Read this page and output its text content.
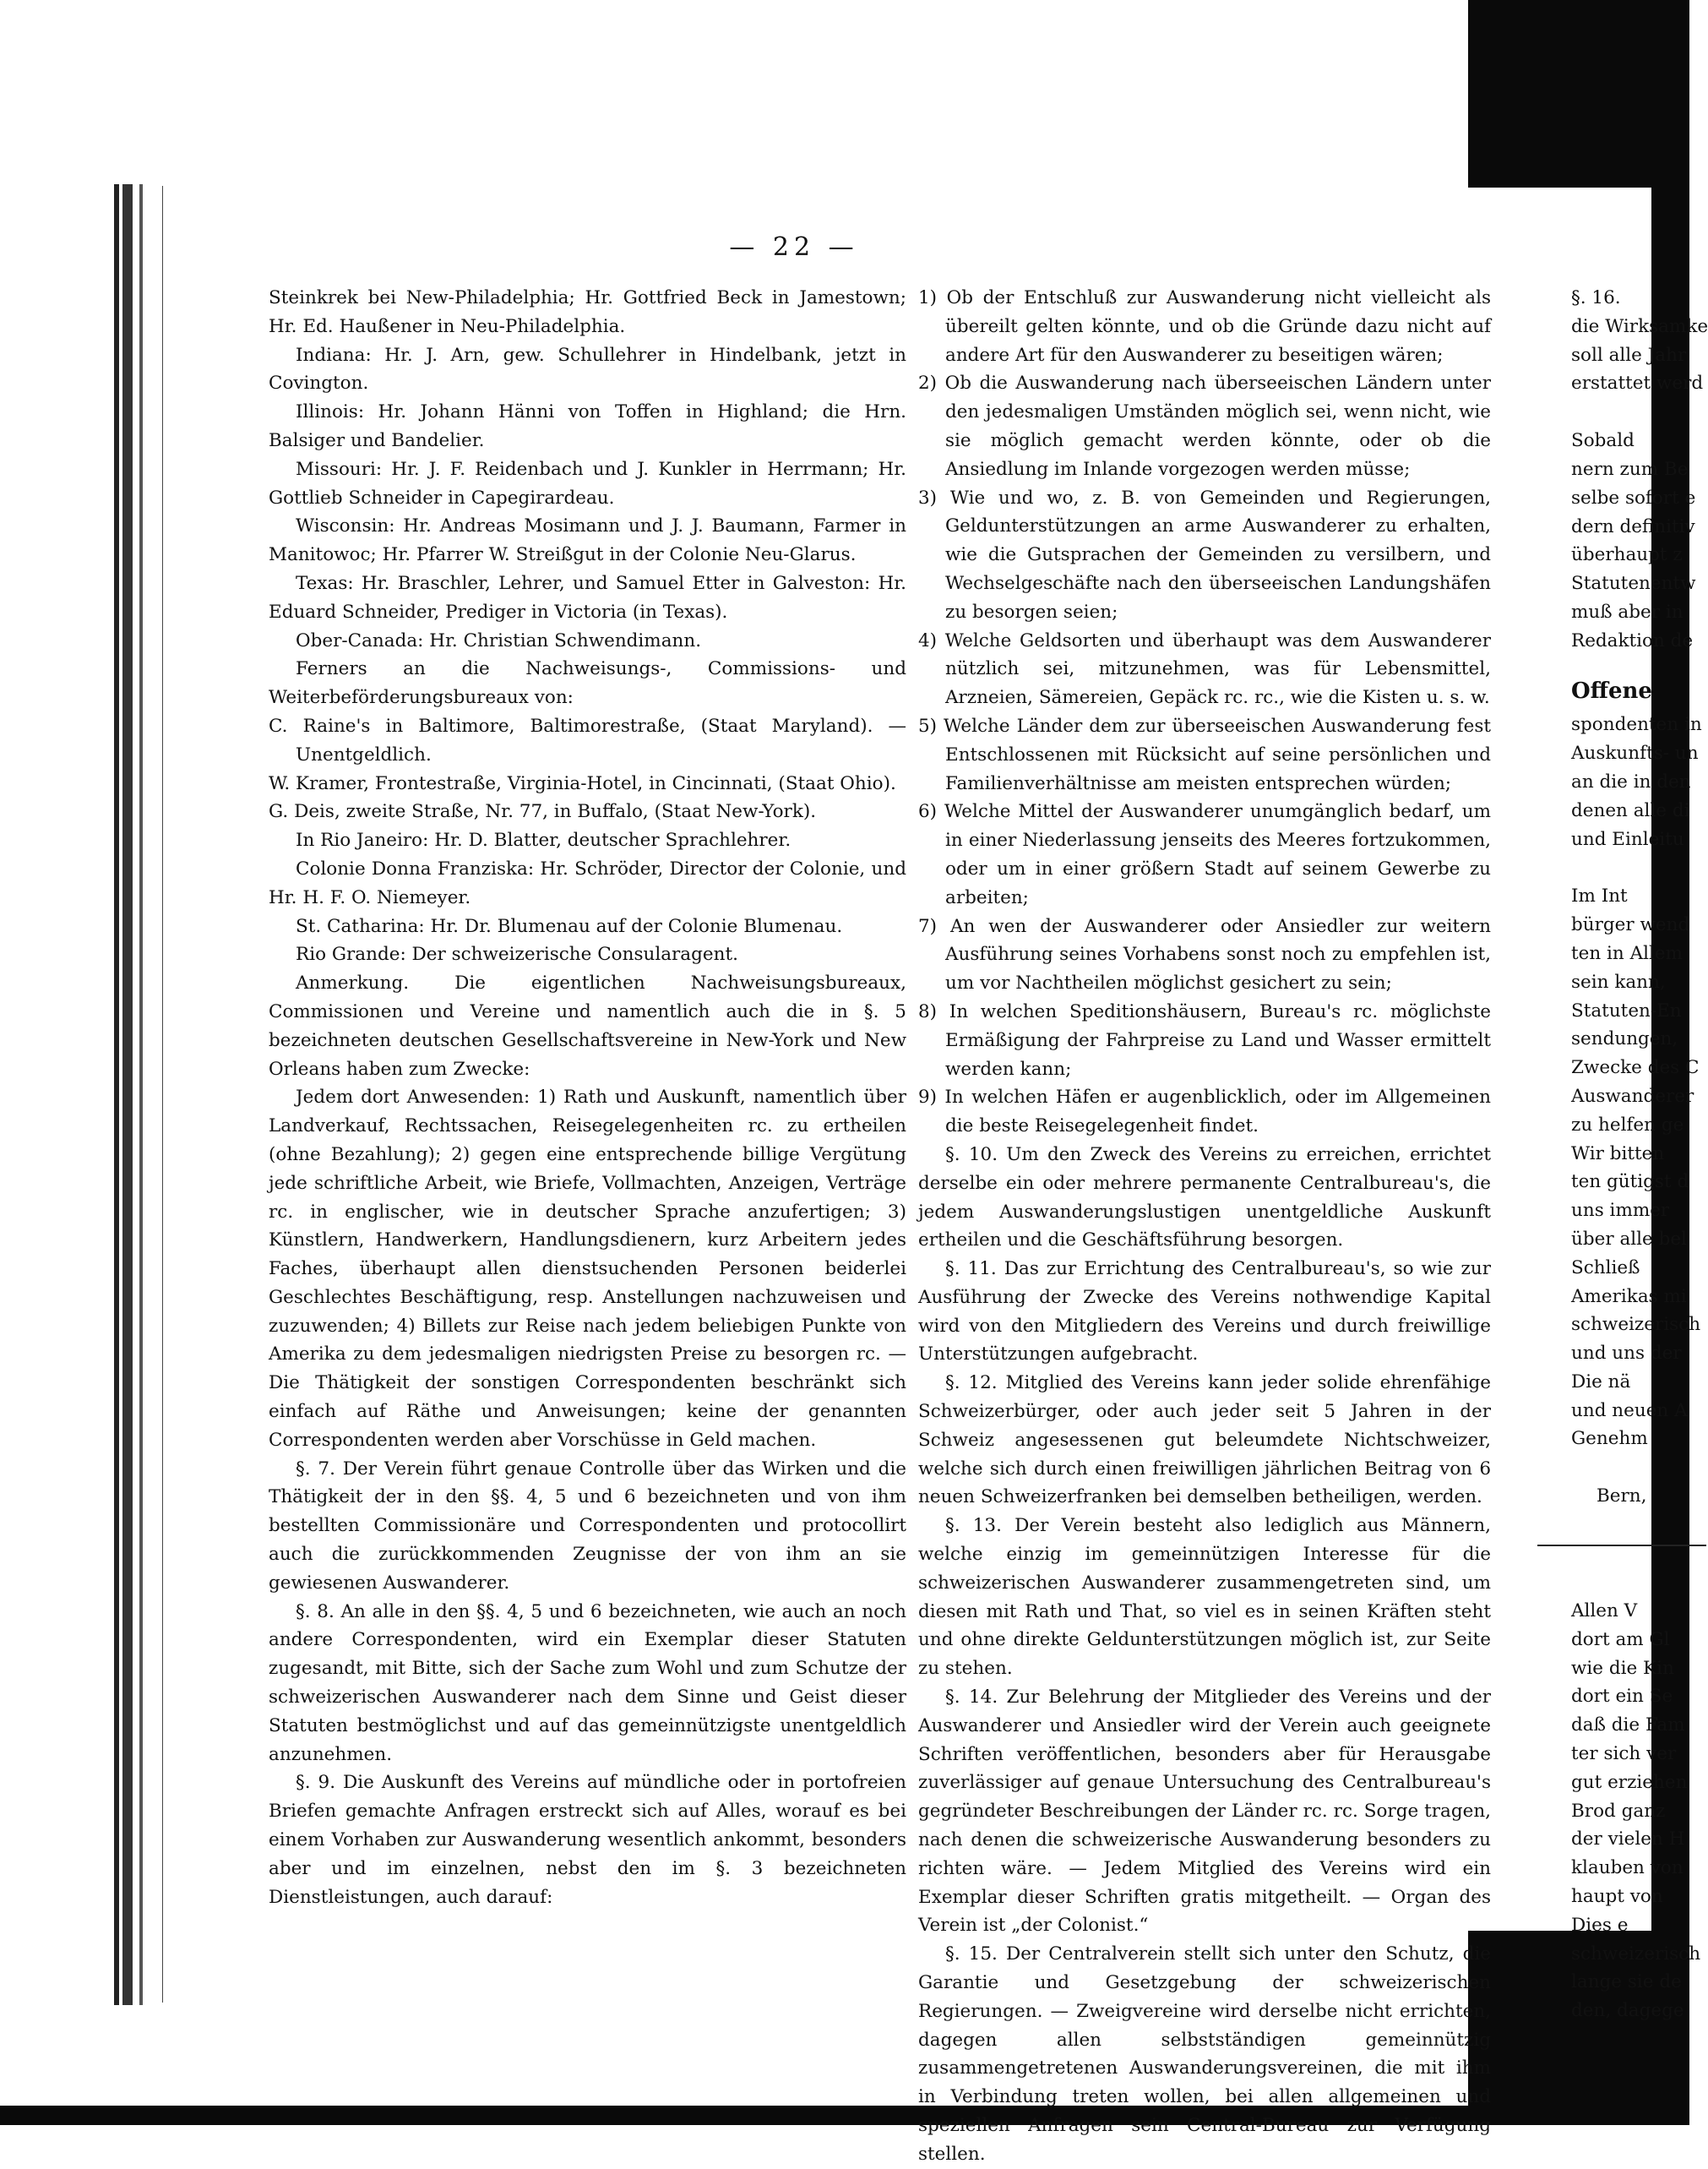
— 22 —

Steinkrek bei New-Philadelphia; Hr. Gottfried Beck in Jamestown; Hr. Ed. Haußener in Neu-Philadelphia.

Indiana: Hr. J. Arn, gew. Schullehrer in Hindelbank, jetzt in Covington.

Illinois: Hr. Johann Hänni von Toffen in Highland; die Hrn. Balsiger und Bandelier.

Missouri: Hr. J. F. Reidenbach und J. Kunkler in Herrmann; Hr. Gottlieb Schneider in Capegirardeau.

Wisconsin: Hr. Andreas Mosimann und J. J. Baumann, Farmer in Manitowoc; Hr. Pfarrer W. Streißgut in der Colonie Neu-Glarus.

Texas: Hr. Braschler, Lehrer, und Samuel Etter in Galveston: Hr. Eduard Schneider, Prediger in Victoria (in Texas).

Ober-Canada: Hr. Christian Schwendimann.

Ferners an die Nachweisungs-, Commissions- und Weiterbeförderungsbureaux von:

C. Raine's in Baltimore, Baltimorestraße, (Staat Maryland). — Unentgeldlich.

W. Kramer, Frontestraße, Virginia-Hotel, in Cincinnati, (Staat Ohio).

G. Deis, zweite Straße, Nr. 77, in Buffalo, (Staat New-York).

In Rio Janeiro: Hr. D. Blatter, deutscher Sprachlehrer.

Colonie Donna Franziska: Hr. Schröder, Director der Colonie, und Hr. H. F. O. Niemeyer.

St. Catharina: Hr. Dr. Blumenau auf der Colonie Blumenau.

Rio Grande: Der schweizerische Consularagent.

Anmerkung. Die eigentlichen Nachweisungsbureaux, Commissionen und Vereine und namentlich auch die in §. 5 bezeichneten deutschen Gesellschaftsvereine in New-York und New Orleans haben zum Zwecke:

Jedem dort Anwesenden: 1) Rath und Auskunft, namentlich über Landverkauf, Rechtssachen, Reisegelegenheiten rc. zu ertheilen (ohne Bezahlung); 2) gegen eine entsprechende billige Vergütung jede schriftliche Arbeit, wie Briefe, Vollmachten, Anzeigen, Verträge rc. in englischer, wie in deutscher Sprache anzufertigen; 3) Künstlern, Handwerkern, Handlungsdienern, kurz Arbeitern jedes Faches, überhaupt allen dienstsuchenden Personen beiderlei Geschlechtes Beschäftigung, resp. Anstellungen nachzuweisen und zuzuwenden; 4) Billets zur Reise nach jedem beliebigen Punkte von Amerika zu dem jedesmaligen niedrigsten Preise zu besorgen rc. — Die Thätigkeit der sonstigen Correspondenten beschränkt sich einfach auf Räthe und Anweisungen; keine der genannten Correspondenten werden aber Vorschüsse in Geld machen.

§. 7. Der Verein führt genaue Controlle über das Wirken und die Thätigkeit der in den §§. 4, 5 und 6 bezeichneten und von ihm bestellten Commissionäre und Correspondenten und protocollirt auch die zurückkommenden Zeugnisse der von ihm an sie gewiesenen Auswanderer.

§. 8. An alle in den §§. 4, 5 und 6 bezeichneten, wie auch an noch andere Correspondenten, wird ein Exemplar dieser Statuten zugesandt, mit Bitte, sich der Sache zum Wohl und zum Schutze der schweizerischen Auswanderer nach dem Sinne und Geist dieser Statuten bestmöglichst und auf das gemeinnützigste unentgeldlich anzunehmen.

§. 9. Die Auskunft des Vereins auf mündliche oder in portofreien Briefen gemachte Anfragen erstreckt sich auf Alles, worauf es bei einem Vorhaben zur Auswanderung wesentlich ankommt, besonders aber und im einzelnen, nebst den im §. 3 bezeichneten Dienstleistungen, auch darauf:

1) Ob der Entschluß zur Auswanderung nicht vielleicht als übereilt gelten könnte, und ob die Gründe dazu nicht auf andere Art für den Auswanderer zu beseitigen wären;

2) Ob die Auswanderung nach überseeischen Ländern unter den jedesmaligen Umständen möglich sei, wenn nicht, wie sie möglich gemacht werden könnte, oder ob die Ansiedlung im Inlande vorgezogen werden müsse;

3) Wie und wo, z. B. von Gemeinden und Regierungen, Geldunterstützungen an arme Auswanderer zu erhalten, wie die Gutsprachen der Gemeinden zu versilbern, und Wechselgeschäfte nach den überseeischen Landungshäfen zu besorgen seien;

4) Welche Geldsorten und überhaupt was dem Auswanderer nützlich sei, mitzunehmen, was für Lebensmittel, Arzneien, Sämereien, Gepäck rc. rc., wie die Kisten u. s. w.

5) Welche Länder dem zur überseeischen Auswanderung fest Entschlossenen mit Rücksicht auf seine persönlichen und Familienverhältnisse am meisten entsprechen würden;

6) Welche Mittel der Auswanderer unumgänglich bedarf, um in einer Niederlassung jenseits des Meeres fortzukommen, oder um in einer größern Stadt auf seinem Gewerbe zu arbeiten;

7) An wen der Auswanderer oder Ansiedler zur weitern Ausführung seines Vorhabens sonst noch zu empfehlen ist, um vor Nachtheilen möglichst gesichert zu sein;

8) In welchen Speditionshäusern, Bureau's rc. möglichste Ermäßigung der Fahrpreise zu Land und Wasser ermittelt werden kann;

9) In welchen Häfen er augenblicklich, oder im Allgemeinen die beste Reisegelegenheit findet.

§. 10. Um den Zweck des Vereins zu erreichen, errichtet derselbe ein oder mehrere permanente Centralbureau's, die jedem Auswanderungslustigen unentgeldliche Auskunft ertheilen und die Geschäftsführung besorgen.

§. 11. Das zur Errichtung des Centralbureau's, so wie zur Ausführung der Zwecke des Vereins nothwendige Kapital wird von den Mitgliedern des Vereins und durch freiwillige Unterstützungen aufgebracht.

§. 12. Mitglied des Vereins kann jeder solide ehrenfähige Schweizerbürger, oder auch jeder seit 5 Jahren in der Schweiz angesessenen gut beleumdete Nichtschweizer, welche sich durch einen freiwilligen jährlichen Beitrag von 6 neuen Schweizerfranken bei demselben betheiligen, werden.

§. 13. Der Verein besteht also lediglich aus Männern, welche einzig im gemeinnützigen Interesse für die schweizerischen Auswanderer zusammengetreten sind, um diesen mit Rath und That, so viel es in seinen Kräften steht und ohne direkte Geldunterstützungen möglich ist, zur Seite zu stehen.

§. 14. Zur Belehrung der Mitglieder des Vereins und der Auswanderer und Ansiedler wird der Verein auch geeignete Schriften veröffentlichen, besonders aber für Herausgabe zuverlässiger auf genaue Untersuchung des Centralbureau's gegründeter Beschreibungen der Länder rc. rc. Sorge tragen, nach denen die schweizerische Auswanderung besonders zu richten wäre. — Jedem Mitglied des Vereins wird ein Exemplar dieser Schriften gratis mitgetheilt. — Organ des Verein ist „der Colonist.“

§. 15. Der Centralverein stellt sich unter den Schutz, die Garantie und Gesetzgebung der schweizerischen Regierungen. — Zweigvereine wird derselbe nicht errichten, dagegen allen selbstständigen gemeinnützig zusammengetretenen Auswanderungsvereinen, die mit ihm in Verbindung treten wollen, bei allen allgemeinen und speziellen Anfragen sein Central-Bureau zur Verfügung stellen.

§. 16.
die Wirksamke
soll alle Jahr
erstattet werd
Sobald
nern zum Be
selbe sofort e
dern definitiv
überhaupt z
Statutenentw
muß aber in
Redaktion de
Offene
spondenten in
Auskunfts- un
an die in den
denen alle di
und Einleitu
Im Int
bürger wend
ten in Allem
sein kann,
Statuten-En
sendungen,
Zwecke des C
Auswanderer
zu helfen ge
Wir bitten
ten gütigst d
uns immer
über alle bel
Schließ
Amerikas mi
schweizerisch
und uns der
Die nä
und neuen A
Genehm
Bern,
Allen V
dort am Gl
wie die Kin
dort ein Se
daß die Fam
ter sich ver
gut erziehen
Brod ganz
der vielen H
klauben von
haupt von
Dies e
schweizerisch
lange sie de
den, dagege
